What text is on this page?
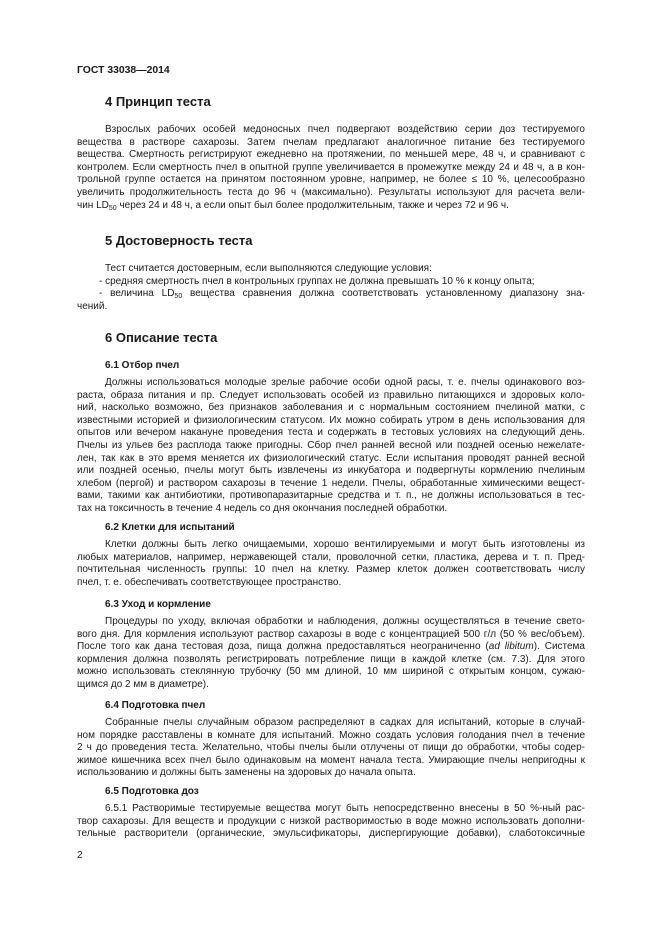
ГОСТ 33038—2014
4 Принцип теста

Взрослых рабочих особей медоносных пчел подвергают воздействию серии доз тестируемого

вещества в растворе сахарозы. Затем пчелам предлагают аналогичное питание без тестируемого

вещества. Смертность регистрируют ежедневно на протяжении, по меньшей мере, 48 ч, и сравнивают с

контролем. Если смертность пчел в опытной группе увеличивается в промежутке между 24 и 48 ч, а в кон-

трольной группе остается на принятом постоянном уровне, например, не более ≤ 10 %, целесообразно

увеличить продолжительность теста до 96 ч (максимально). Результаты используют для расчета вели-

чин $LD_{50}$ через 24 и 48 ч, а если опыт был более продолжительным, также и через 72 и 96 ч.

5 Достоверность теста

Тест считается достоверным, если выполняются следующие условия:

- средняя смертность пчел в контрольных группах не должна превышать 10 % к концу опыта;

- величина $LD_{50}$ вещества сравнения должна соответствовать установленному диапазону зна-

чений.

6 Описание теста
6.1 Отбор пчел

Должны использоваться молодые зрелые рабочие особи одной расы, т. е. пчелы одинакового воз-

раста, образа питания и пр. Следует использовать особей из правильно питающихся и здоровых коло-

ний, насколько возможно, без признаков заболевания и с нормальным состоянием пчелиной матки, с

известными историей и физиологическим статусом. Их можно собирать утром в день использования для

опытов или вечером накануне проведения теста и содержать в тестовых условиях на следующий день.

Пчелы из ульев без расплода также пригодны. Сбор пчел ранней весной или поздней осенью нежелате-

лен, так как в это время меняется их физиологический статус. Если испытания проводят ранней весной

или поздней осенью, пчелы могут быть извлечены из инкубатора и подвергнуты кормлению пчелиным

хлебом (пергой) и раствором сахарозы в течение 1 недели. Пчелы, обработанные химическими вещест-

вами, такими как антибиотики, противопаразитарные средства и т. п., не должны использоваться в тес-

тах на токсичность в течение 4 недель со дня окончания последней обработки.

6.2 Клетки для испытаний

Клетки должны быть легко очищаемыми, хорошо вентилируемыми и могут быть изготовлены из

любых материалов, например, нержавеющей стали, проволочной сетки, пластика, дерева и т. п. Пред-

почтительная численность группы: 10 пчел на клетку. Размер клеток должен соответствовать числу

пчел, т. е. обеспечивать соответствующее пространство.

6.3 Уход и кормление

Процедуры по уходу, включая обработки и наблюдения, должны осуществляться в течение свето-

вого дня. Для кормления используют раствор сахарозы в воде с концентрацией 500 г/л (50 % вес/объем).

После того как дана тестовая доза, пища должна предоставляться неограниченно (ad libitum). Система

кормления должна позволять регистрировать потребление пищи в каждой клетке (см. 7.3). Для этого

можно использовать стеклянную трубочку (50 мм длиной, 10 мм шириной с открытым концом, сужаю-

щимся до 2 мм в диаметре).

6.4 Подготовка пчел

Собранные пчелы случайным образом распределяют в садках для испытаний, которые в случай-

ном порядке расставлены в комнате для испытаний. Можно создать условия голодания пчел в течение

2 ч до проведения теста. Желательно, чтобы пчелы были отлучены от пищи до обработки, чтобы содер-

жимое кишечника всех пчел было одинаковым на момент начала теста. Умирающие пчелы непригодны к

использованию и должны быть заменены на здоровых до начала опыта.

6.5 Подготовка доз

6.5.1 Растворимые тестируемые вещества могут быть непосредственно внесены в 50 %-ный рас-

твор сахарозы. Для веществ и продукции с низкой растворимостью в воде можно использовать дополни-

тельные растворители (органические, эмульсификаторы, диспергирующие добавки), слаботоксичные

2
